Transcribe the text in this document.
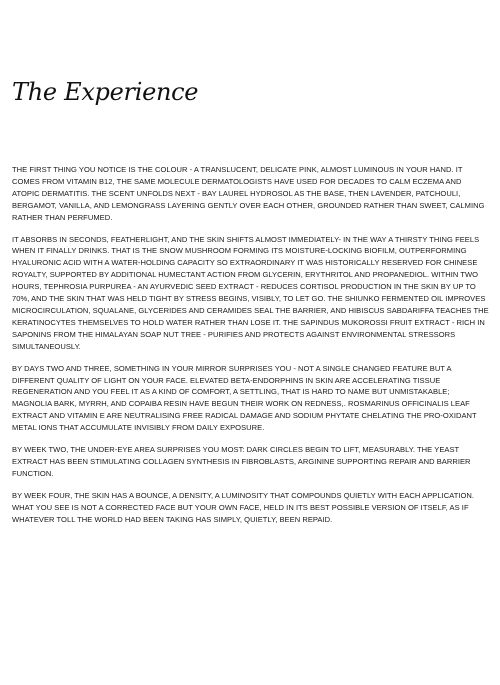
The Experience

THE FIRST THING YOU NOTICE IS THE COLOUR - A TRANSLUCENT, DELICATE PINK, ALMOST LUMINOUS IN YOUR HAND. IT COMES FROM VITAMIN B12, THE SAME MOLECULE DERMATOLOGISTS HAVE USED FOR DECADES TO CALM ECZEMA AND ATOPIC DERMATITIS. THE SCENT UNFOLDS NEXT - BAY LAUREL HYDROSOL AS THE BASE, THEN LAVENDER, PATCHOULI, BERGAMOT, VANILLA, AND LEMONGRASS LAYERING GENTLY OVER EACH OTHER, GROUNDED RATHER THAN SWEET, CALMING RATHER THAN PERFUMED.

IT ABSORBS IN SECONDS, FEATHERLIGHT, AND THE SKIN SHIFTS ALMOST IMMEDIATELY- IN THE WAY A THIRSTY THING FEELS WHEN IT FINALLY DRINKS. THAT IS THE SNOW MUSHROOM FORMING ITS MOISTURE-LOCKING BIOFILM, OUTPERFORMING HYALURONIC ACID WITH A WATER-HOLDING CAPACITY SO EXTRAORDINARY IT WAS HISTORICALLY RESERVED FOR CHINESE ROYALTY, SUPPORTED BY ADDITIONAL HUMECTANT ACTION FROM GLYCERIN, ERYTHRITOL AND PROPANEDIOL. WITHIN TWO HOURS, TEPHROSIA PURPUREA - AN AYURVEDIC SEED EXTRACT - REDUCES CORTISOL PRODUCTION IN THE SKIN BY UP TO 70%, AND THE SKIN THAT WAS HELD TIGHT BY STRESS BEGINS, VISIBLY, TO LET GO. THE SHIUNKO FERMENTED OIL IMPROVES MICROCIRCULATION, SQUALANE, GLYCERIDES AND CERAMIDES SEAL THE BARRIER, AND HIBISCUS SABDARIFFA TEACHES THE KERATINOCYTES THEMSELVES TO HOLD WATER RATHER THAN LOSE IT. THE SAPINDUS MUKOROSSI FRUIT EXTRACT - RICH IN SAPONINS FROM THE HIMALAYAN SOAP NUT TREE - PURIFIES AND PROTECTS AGAINST ENVIRONMENTAL STRESSORS SIMULTANEOUSLY.

BY DAYS TWO AND THREE, SOMETHING IN YOUR MIRROR SURPRISES YOU - NOT A SINGLE CHANGED FEATURE BUT A DIFFERENT QUALITY OF LIGHT ON YOUR FACE. ELEVATED BETA-ENDORPHINS IN SKIN ARE ACCELERATING TISSUE REGENERATION AND YOU FEEL IT AS A KIND OF COMFORT, A SETTLING, THAT IS HARD TO NAME BUT UNMISTAKABLE; MAGNOLIA BARK, MYRRH, AND COPAIBA RESIN HAVE BEGUN THEIR WORK ON REDNESS,. ROSMARINUS OFFICINALIS LEAF EXTRACT AND VITAMIN E ARE NEUTRALISING FREE RADICAL DAMAGE AND SODIUM PHYTATE CHELATING THE PRO-OXIDANT METAL IONS THAT ACCUMULATE INVISIBLY FROM DAILY EXPOSURE.

BY WEEK TWO, THE UNDER-EYE AREA SURPRISES YOU MOST: DARK CIRCLES BEGIN TO LIFT, MEASURABLY. THE YEAST EXTRACT HAS BEEN STIMULATING COLLAGEN SYNTHESIS IN FIBROBLASTS, ARGININE SUPPORTING REPAIR AND BARRIER FUNCTION.

BY WEEK FOUR, THE SKIN HAS A BOUNCE, A DENSITY, A LUMINOSITY THAT COMPOUNDS QUIETLY WITH EACH APPLICATION. WHAT YOU SEE IS NOT A CORRECTED FACE BUT YOUR OWN FACE, HELD IN ITS BEST POSSIBLE VERSION OF ITSELF, AS IF WHATEVER TOLL THE WORLD HAD BEEN TAKING HAS SIMPLY, QUIETLY, BEEN REPAID.
